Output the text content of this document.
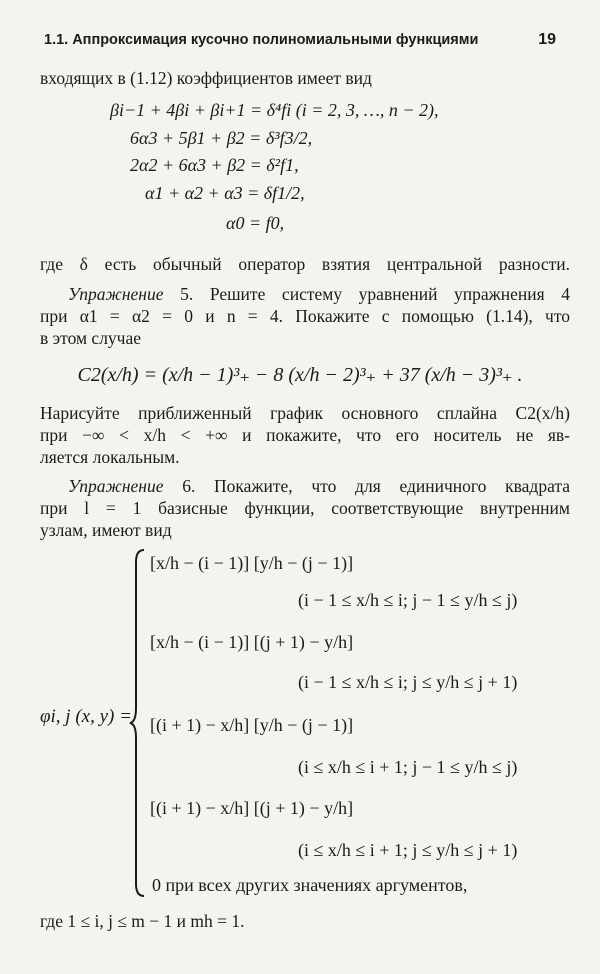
1.1. Аппроксимация кусочно полиномиальными функциями	19
входящих в (1.12) коэффициентов имеет вид
βi−1 + 4βi + βi+1 = δ⁴fi (i = 2, 3, …, n − 2),
6α3 + 5β1 + β2 = δ³f3/2,
2α2 + 6α3 + β2 = δ²f1,
α1 + α2 + α3 = δf1/2,
α0 = f0,
где δ есть обычный оператор взятия центральной разности.
Упражнение 5. Решите систему уравнений упражнения 4
при α1 = α2 = 0 и n = 4. Покажите с помощью (1.14), что
в этом случае
C2(x/h) = (x/h − 1)³₊ − 8 (x/h − 2)³₊ + 37 (x/h − 3)³₊ .
Нарисуйте приближенный график основного сплайна C2(x/h)
при −∞ < x/h < +∞ и покажите, что его носитель не яв-
ляется локальным.
Упражнение 6. Покажите, что для единичного квадрата
при l = 1 базисные функции, соответствующие внутренним
узлам, имеют вид
φi, j (x, y) =
[x/h − (i − 1)] [y/h − (j − 1)]
(i − 1 ≤ x/h ≤ i; j − 1 ≤ y/h ≤ j)
[x/h − (i − 1)] [(j + 1) − y/h]
(i − 1 ≤ x/h ≤ i; j ≤ y/h ≤ j + 1)
[(i + 1) − x/h] [y/h − (j − 1)]
(i ≤ x/h ≤ i + 1; j − 1 ≤ y/h ≤ j)
[(i + 1) − x/h] [(j + 1) − y/h]
(i ≤ x/h ≤ i + 1; j ≤ y/h ≤ j + 1)
0 при всех других значениях аргументов,
где 1 ≤ i, j ≤ m − 1 и mh = 1.
